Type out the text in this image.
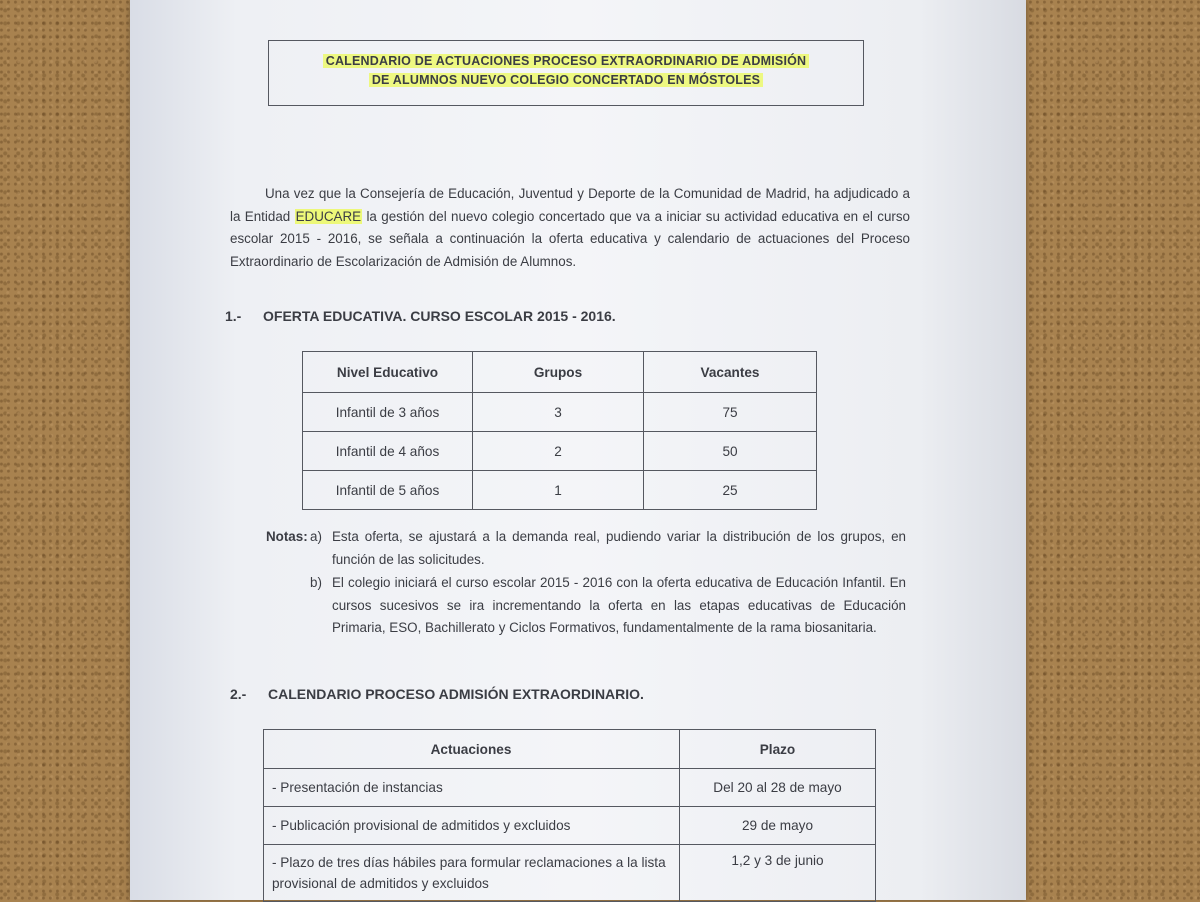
CALENDARIO DE ACTUACIONES PROCESO EXTRAORDINARIO DE ADMISIÓN
DE ALUMNOS NUEVO COLEGIO CONCERTADO EN MÓSTOLES

Una vez que la Consejería de Educación, Juventud y Deporte de la Comunidad de Madrid, ha adjudicado a la Entidad EDUCARE la gestión del nuevo colegio concertado que va a iniciar su actividad educativa en el curso escolar 2015 - 2016, se señala a continuación la oferta educativa y calendario de actuaciones del Proceso Extraordinario de Escolarización de Admisión de Alumnos.

1.- OFERTA EDUCATIVA. CURSO ESCOLAR 2015 - 2016.
Nivel Educativo	Grupos	Vacantes
Infantil de 3 años	3	75
Infantil de 4 años	2	50
Infantil de 5 años	1	25
Notas: a) Esta oferta, se ajustará a la demanda real, pudiendo variar la distribución de los grupos, en función de las solicitudes.
b) El colegio iniciará el curso escolar 2015 - 2016 con la oferta educativa de Educación Infantil. En cursos sucesivos se ira incrementando la oferta en las etapas educativas de Educación Primaria, ESO, Bachillerato y Ciclos Formativos, fundamentalmente de la rama biosanitaria.
2.- CALENDARIO PROCESO ADMISIÓN EXTRAORDINARIO.
Actuaciones	Plazo
- Presentación de instancias	Del 20 al 28 de mayo
- Publicación provisional de admitidos y excluidos	29 de mayo
- Plazo de tres días hábiles para formular reclamaciones a la lista provisional de admitidos y excluidos	1,2 y 3 de junio
